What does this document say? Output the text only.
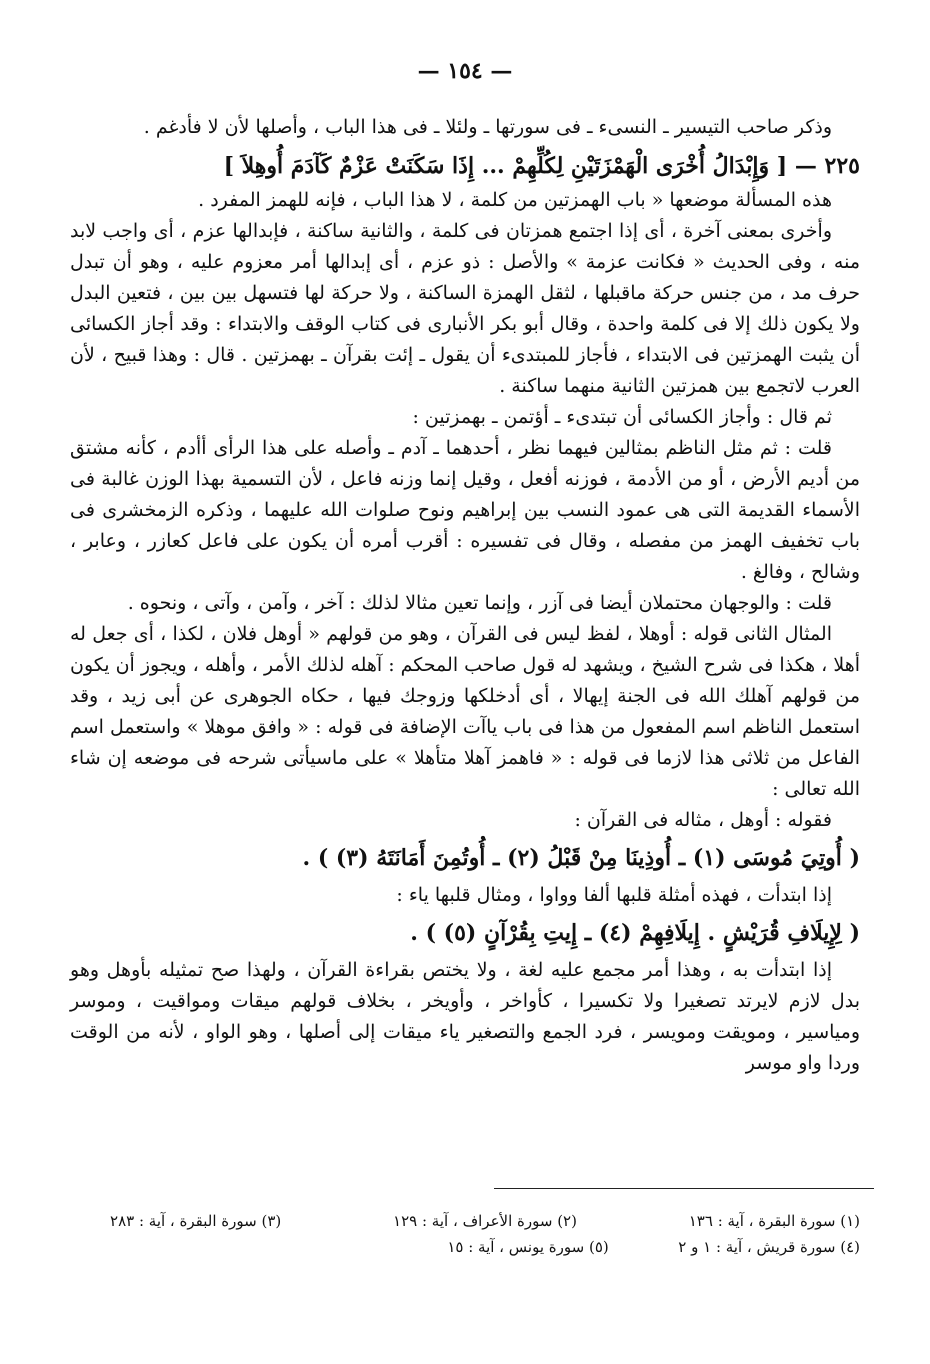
— ١٥٤ —

وذكر صاحب التيسير ـ النسىء ـ فى سورتها ـ ولئلا ـ فى هذا الباب ، وأصلها لأن لا فأدغم .

٢٢٥ — [ وَإِبْدَالُ أُخْرَى الْهَمْزَتَيْنِ لِكُلِّهِمْ ... إِذَا سَكَنَتْ عَزْمٌ كَآدَمَ أُوهِلاَ ]

هذه المسألة موضعها « باب الهمزتين من كلمة ، لا هذا الباب ، فإنه للهمز المفرد .

وأخرى بمعنى آخرة ، أى إذا اجتمع همزتان فى كلمة ، والثانية ساكنة ، فإبدالها عزم ، أى واجب لابد منه ، وفى الحديث « فكانت عزمة » والأصل : ذو عزم ، أى إبدالها أمر معزوم عليه ، وهو أن تبدل حرف مد ، من جنس حركة ماقبلها ، لثقل الهمزة الساكنة ، ولا حركة لها فتسهل بين بين ، فتعين البدل ولا يكون ذلك إلا فى كلمة واحدة ، وقال أبو بكر الأنبارى فى كتاب الوقف والابتداء : وقد أجاز الكسائى أن يثبت الهمزتين فى الابتداء ، فأجاز للمبتدىء أن يقول ـ إئت بقرآن ـ بهمزتين . قال : وهذا قبيح ، لأن العرب لاتجمع بين همزتين الثانية منهما ساكنة .

ثم قال : وأجاز الكسائى أن تبتدىء ـ أؤتمن ـ بهمزتين :

قلت : ثم مثل الناظم بمثالين فيهما نظر ، أحدهما ـ آدم ـ وأصله على هذا الرأى أأدم ، كأنه مشتق من أديم الأرض ، أو من الأدمة ، فوزنه أفعل ، وقيل إنما وزنه فاعل ، لأن التسمية بهذا الوزن غالبة فى الأسماء القديمة التى هى عمود النسب بين إبراهيم ونوح صلوات الله عليهما ، وذكره الزمخشرى فى باب تخفيف الهمز من مفصله ، وقال فى تفسيره : أقرب أمره أن يكون على فاعل كعازر ، وعابر ، وشالح ، وفالغ .

قلت : والوجهان محتملان أيضا فى آزر ، وإنما تعين مثالا لذلك : آخر ، وآمن ، وآتى ، ونحوه .

المثال الثانى قوله : أوهلا ، لفظ ليس فى القرآن ، وهو من قولهم « أوهل فلان ، لكذا ، أى جعل له أهلا ، هكذا فى شرح الشيخ ، ويشهد له قول صاحب المحكم : آهله لذلك الأمر ، وأهله ، ويجوز أن يكون من قولهم آهلك الله فى الجنة إيهالا ، أى أدخلكها وزوجك فيها ، حكاه الجوهرى عن أبى زيد ، وقد استعمل الناظم اسم المفعول من هذا فى باب ياآت الإضافة فى قوله : « وافق موهلا » واستعمل اسم الفاعل من ثلاثى هذا لازما فى قوله : « فاهمز آهلا متأهلا » على ماسيأتى شرحه فى موضعه إن شاء الله تعالى :

فقوله : أوهل ، مثاله فى القرآن :

( أُوتِيَ مُوسَى (١) ـ أُوذِينَا مِنْ قَبْلُ (٢) ـ أُوتُمِنَ أَمَانَتَهُ (٣) ) .

إذا ابتدأت ، فهذه أمثلة قلبها ألفا وواوا ، ومثال قلبها ياء :

( لِإِيلَافِ قُرَيْشٍ . إِيلَافِهِمْ (٤) ـ إِيتِ بِقُرْآنٍ (٥) ) .

إذا ابتدأت به ، وهذا أمر مجمع عليه لغة ، ولا يختص بقراءة القرآن ، ولهذا صح تمثيله بأوهل وهو بدل لازم لايرتد تصغيرا ولا تكسيرا ، كأواخر ، وأويخر ، بخلاف قولهم ميقات ومواقيت ، وموسر ومياسير ، ومويقت ومويسر ، فرد الجمع والتصغير ياء ميقات إلى أصلها ، وهو الواو ، لأنه من الوقت وردا واو موسر

(١) سورة البقرة ، آية : ١٣٦
(٢) سورة الأعراف ، آية : ١٢٩
(٣) سورة البقرة ، آية : ٢٨٣
(٤) سورة قريش ، آية : ١ و ٢
(٥) سورة يونس ، آية : ١٥
